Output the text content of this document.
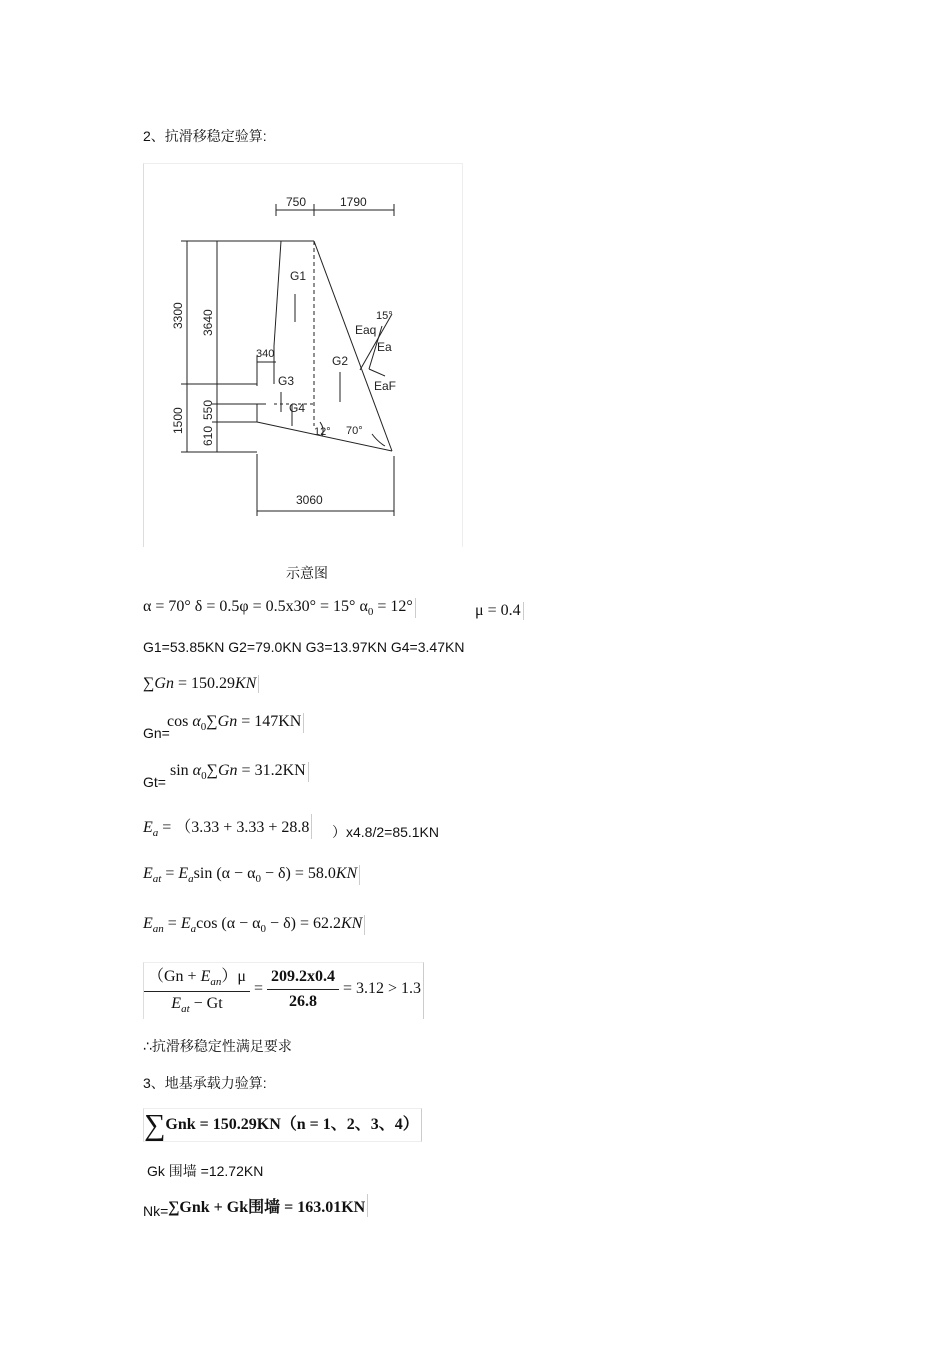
2、抗滑移稳定验算:
750	1790
3060
340
3300 3640
1500 550
610
G1
G2
G3
G4
Eaq
Ea
EaF
15°
12° 70°
示意图
α = 70° δ = 0.5φ = 0.5x30° = 15° $\alpha_0 = 12^\circ$	μ = 0.4
G1=53.85KN G2=79.0KN G3=13.97KN G4=3.47KN
∑Gn = 150.29KN
Gn=
$\cos \alpha_0\sum Gn = 147KN$
Gt=
$\sin \alpha_0\sum Gn = 31.2KN$
$E_a = (3.33 + 3.33 + 28.8$ ）x4.8/2=85.1KN
$E_{at} = E_a\sin$ $(\alpha - \alpha_0 - \delta) = 58.0KN$
$E_{an} = E_a\cos$ $(\alpha - \alpha_0 - \delta) = 62.2KN$
$\frac{(Gn + E_{an})\mu}{E_{at} - Gt} = \frac{209.2x0.4}{26.8} = 3.12 > 1.3$
∴抗滑移稳定性满足要求
3、地基承载力验算:
∑Gnk = 150.29KN（n = 1、2、3、4）
Gk 围墙 =12.72KN
Nk= ∑Gnk + Gk围墙 = 163.01KN
